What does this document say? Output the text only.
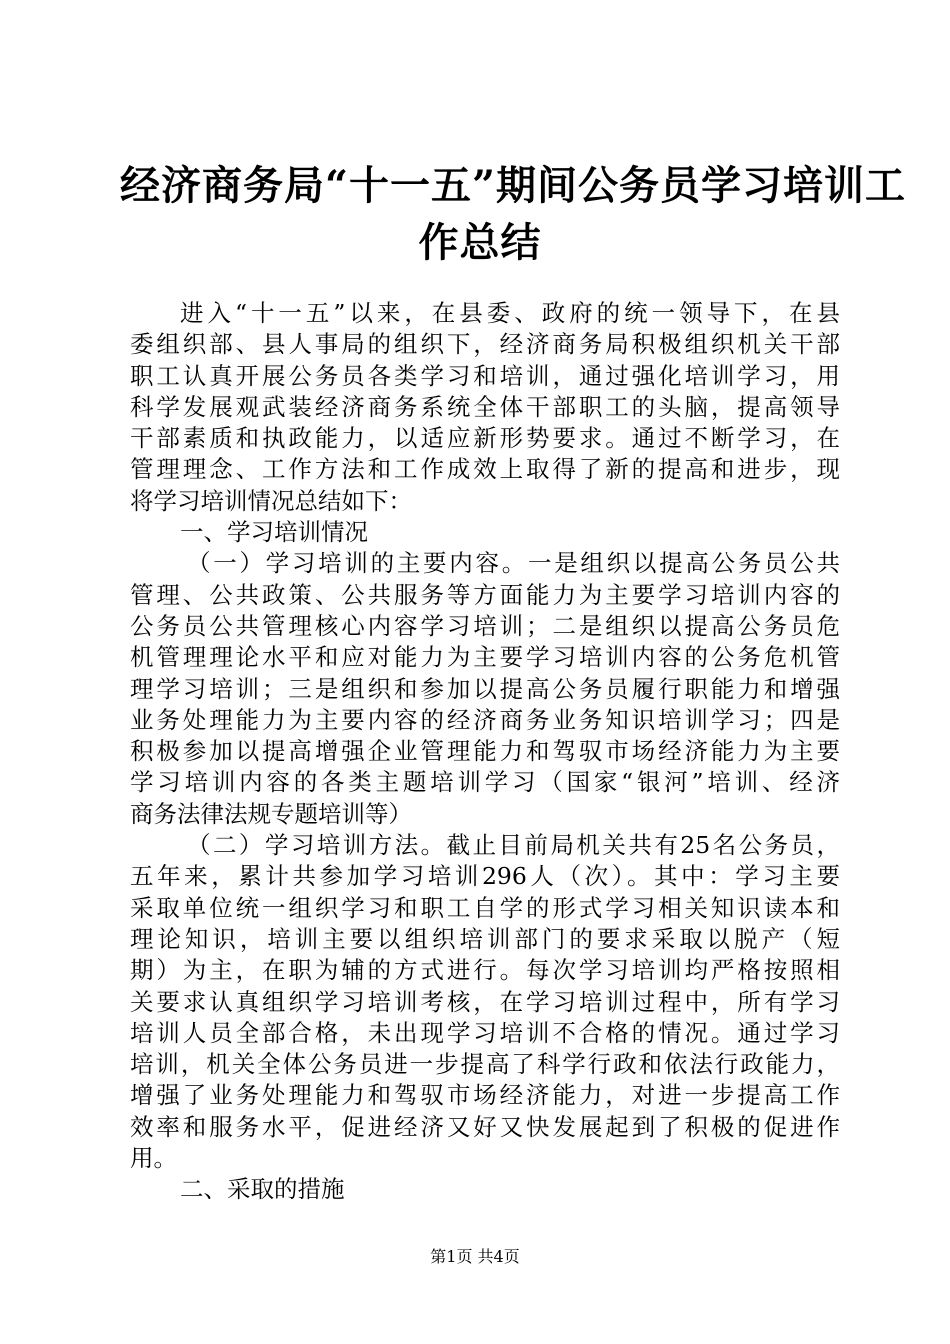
经济商务局“十一五”期间公务员学习培训工
作总结
进入“十一五”以来，在县委、政府的统一领导下，在县
委组织部、县人事局的组织下，经济商务局积极组织机关干部
职工认真开展公务员各类学习和培训，通过强化培训学习，用
科学发展观武装经济商务系统全体干部职工的头脑，提高领导
干部素质和执政能力，以适应新形势要求。通过不断学习，在
管理理念、工作方法和工作成效上取得了新的提高和进步，现
将学习培训情况总结如下：
一、学习培训情况
（一）学习培训的主要内容。一是组织以提高公务员公共
管理、公共政策、公共服务等方面能力为主要学习培训内容的
公务员公共管理核心内容学习培训；二是组织以提高公务员危
机管理理论水平和应对能力为主要学习培训内容的公务危机管
理学习培训；三是组织和参加以提高公务员履行职能力和增强
业务处理能力为主要内容的经济商务业务知识培训学习；四是
积极参加以提高增强企业管理能力和驾驭市场经济能力为主要
学习培训内容的各类主题培训学习（国家“银河”培训、经济
商务法律法规专题培训等）
（二）学习培训方法。截止目前局机关共有25名公务员，
五年来，累计共参加学习培训296人（次）。其中：学习主要
采取单位统一组织学习和职工自学的形式学习相关知识读本和
理论知识，培训主要以组织培训部门的要求采取以脱产（短
期）为主，在职为辅的方式进行。每次学习培训均严格按照相
关要求认真组织学习培训考核，在学习培训过程中，所有学习
培训人员全部合格，未出现学习培训不合格的情况。通过学习
培训，机关全体公务员进一步提高了科学行政和依法行政能力，
增强了业务处理能力和驾驭市场经济能力，对进一步提高工作
效率和服务水平，促进经济又好又快发展起到了积极的促进作
用。
二、采取的措施
第1页 共4页
